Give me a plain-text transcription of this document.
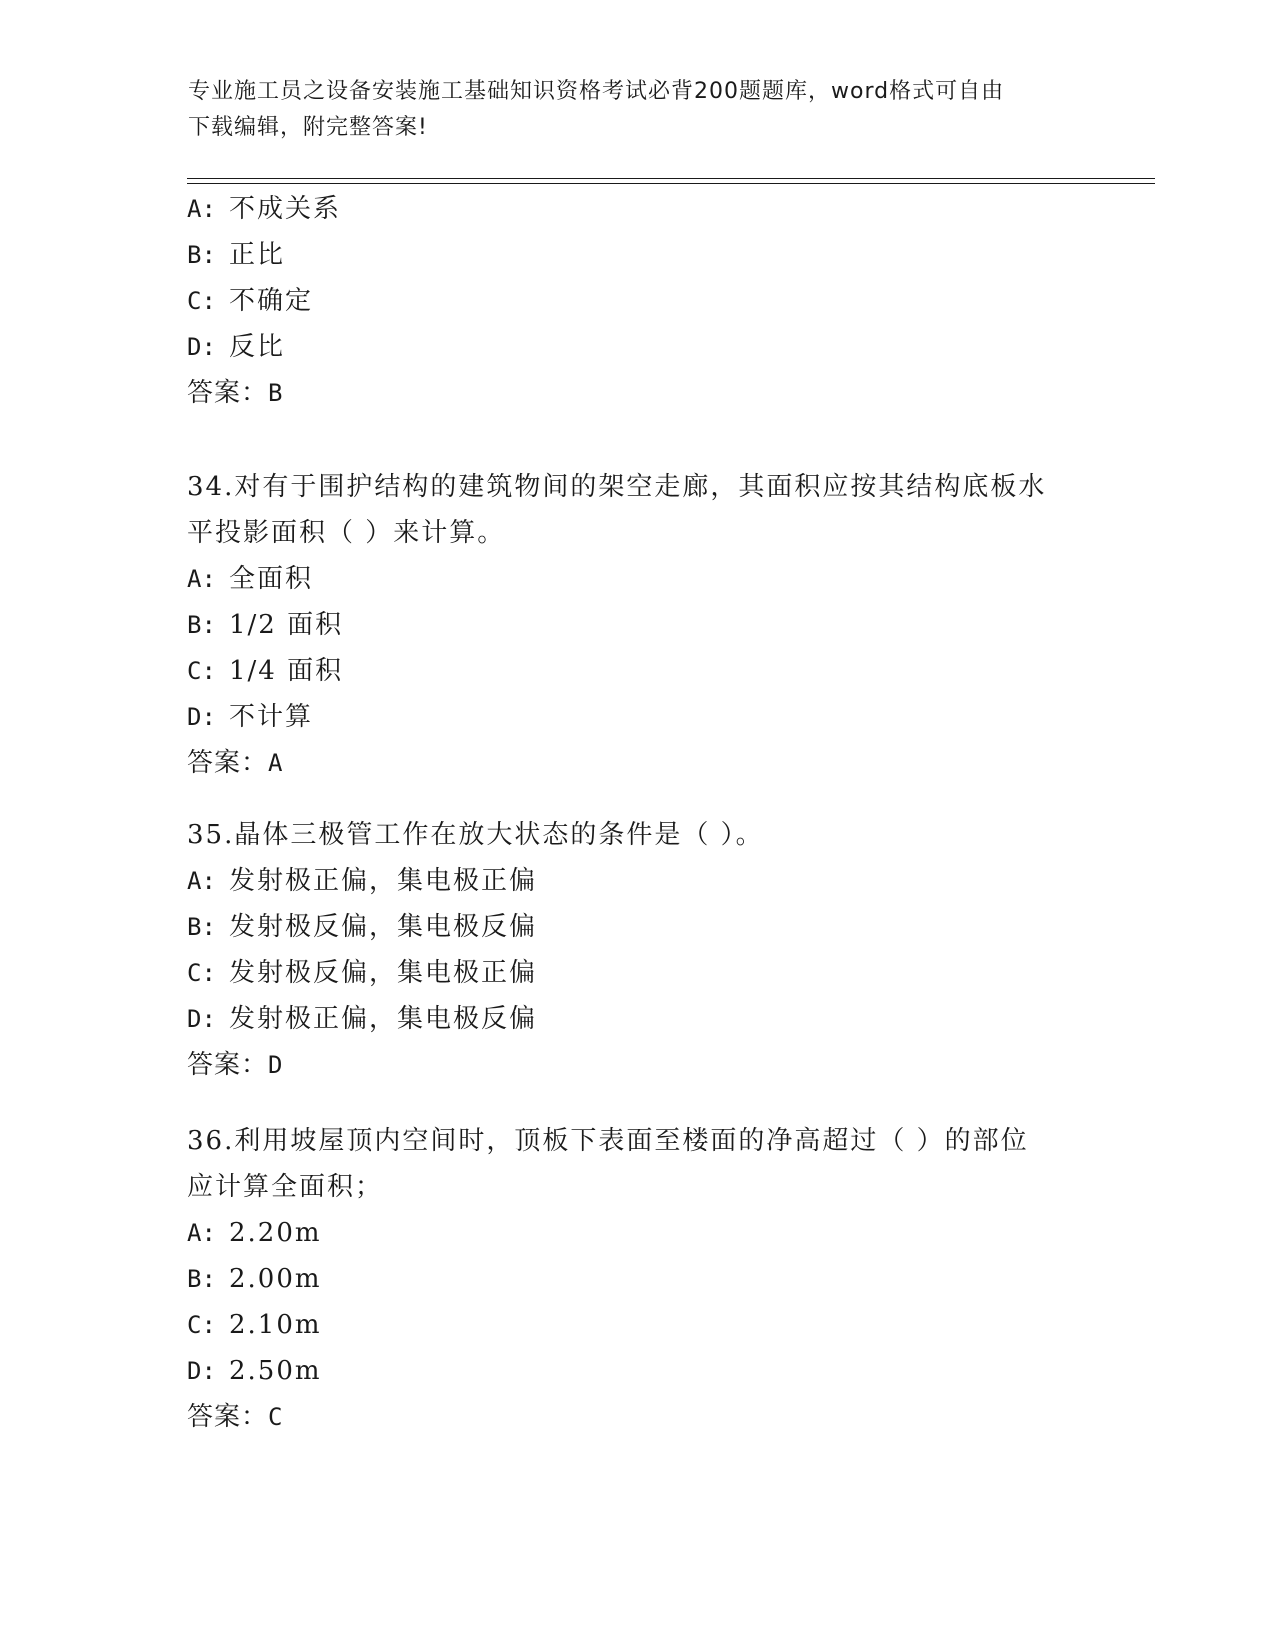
专业施工员之设备安装施工基础知识资格考试必背200题题库，word格式可自由
下载编辑，附完整答案!
A: 不成关系
B: 正比
C: 不确定
D: 反比
答案：B
34.对有于围护结构的建筑物间的架空走廊，其面积应按其结构底板水
平投影面积（ ）来计算。
A: 全面积
B: 1/2 面积
C: 1/4 面积
D: 不计算
答案：A
35.晶体三极管工作在放大状态的条件是（ ）。
A: 发射极正偏，集电极正偏
B: 发射极反偏，集电极反偏
C: 发射极反偏，集电极正偏
D: 发射极正偏，集电极反偏
答案：D
36.利用坡屋顶内空间时，顶板下表面至楼面的净高超过（ ）的部位
应计算全面积；
A: 2.20m
B: 2.00m
C: 2.10m
D: 2.50m
答案：C
